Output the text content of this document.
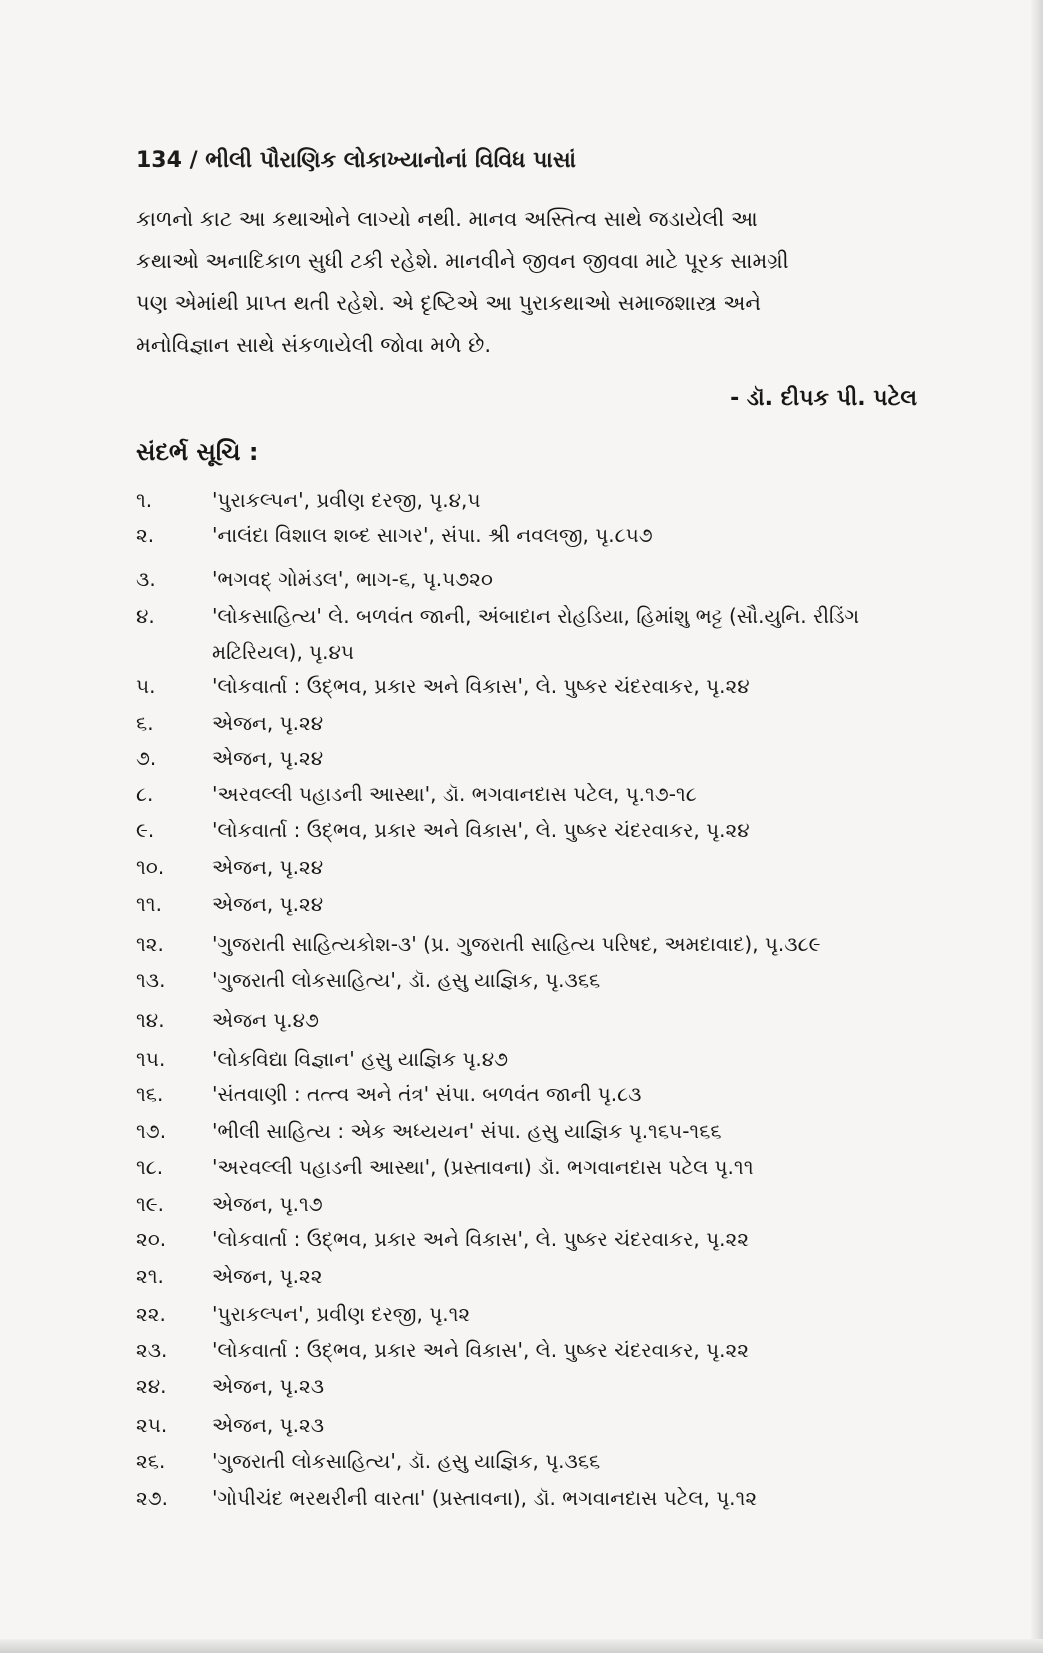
134 / ભીલી પૌરાણિક લોકાખ્યાનોનાં વિવિધ પાસાં
કાળનો કાટ આ કથાઓને લાગ્યો નથી. માનવ અસ્તિત્વ સાથે જડાયેલી આ
કથાઓ અનાદિકાળ સુધી ટકી રહેશે. માનવીને જીવન જીવવા માટે પૂરક સામગ્રી
પણ એમાંથી પ્રાપ્ત થતી રહેશે. એ દૃષ્ટિએ આ પુરાકથાઓ સમાજશાસ્ત્ર અને
મનોવિજ્ઞાન સાથે સંકળાયેલી જોવા મળે છે.
- ડૉ. દીપક પી. પટેલ
સંદર્ભ સૂચિ :
૧.	'પુરાકલ્પન', પ્રવીણ દરજી, પૃ.૪,૫
૨.	'નાલંદા વિશાલ શબ્દ સાગર', સંપા. શ્રી નવલજી, પૃ.૮૫૭
૩.	'ભગવદ્ ગોમંડલ', ભાગ-૬, પૃ.૫૭૨૦
૪.	'લોકસાહિત્ય' લે. બળવંત જાની, અંબાદાન રોહડિયા, હિમાંશુ ભટ્ટ (સૌ.યુનિ. રીડિંગ
મટિરિયલ), પૃ.૪૫
૫.	'લોકવાર્તા : ઉદ્ભવ, પ્રકાર અને વિકાસ', લે. પુષ્કર ચંદરવાકર, પૃ.૨૪
૬.	એજન, પૃ.૨૪
૭.	એજન, પૃ.૨૪
૮.	'અરવલ્લી પહાડની આસ્થા', ડૉ. ભગવાનદાસ પટેલ, પૃ.૧૭-૧૮
૯.	'લોકવાર્તા : ઉદ્ભવ, પ્રકાર અને વિકાસ', લે. પુષ્કર ચંદરવાકર, પૃ.૨૪
૧૦.	એજન, પૃ.૨૪
૧૧.	એજન, પૃ.૨૪
૧૨.	'ગુજરાતી સાહિત્યકોશ-૩' (પ્ર. ગુજરાતી સાહિત્ય પરિષદ, અમદાવાદ), પૃ.૩૮૯
૧૩.	'ગુજરાતી લોકસાહિત્ય', ડૉ. હસુ યાજ્ઞિક, પૃ.૩૬૬
૧૪.	એજન પૃ.૪૭
૧૫.	'લોકવિદ્યા વિજ્ઞાન' હસુ યાજ્ઞિક પૃ.૪૭
૧૬.	'સંતવાણી : તત્ત્વ અને તંત્ર' સંપા. બળવંત જાની પૃ.૮૩
૧૭.	'ભીલી સાહિત્ય : એક અધ્યયન' સંપા. હસુ યાજ્ઞિક પૃ.૧૬૫-૧૬૬
૧૮.	'અરવલ્લી પહાડની આસ્થા', (પ્રસ્તાવના) ડૉ. ભગવાનદાસ પટેલ પૃ.૧૧
૧૯.	એજન, પૃ.૧૭
૨૦.	'લોકવાર્તા : ઉદ્ભવ, પ્રકાર અને વિકાસ', લે. પુષ્કર ચંદરવાકર, પૃ.૨૨
૨૧.	એજન, પૃ.૨૨
૨૨.	'પુરાકલ્પન', પ્રવીણ દરજી, પૃ.૧૨
૨૩.	'લોકવાર્તા : ઉદ્ભવ, પ્રકાર અને વિકાસ', લે. પુષ્કર ચંદરવાકર, પૃ.૨૨
૨૪.	એજન, પૃ.૨૩
૨૫.	એજન, પૃ.૨૩
૨૬.	'ગુજરાતી લોકસાહિત્ય', ડૉ. હસુ યાજ્ઞિક, પૃ.૩૬૬
૨૭.	'ગોપીચંદ ભરથરીની વારતા' (પ્રસ્તાવના), ડૉ. ભગવાનદાસ પટેલ, પૃ.૧૨
